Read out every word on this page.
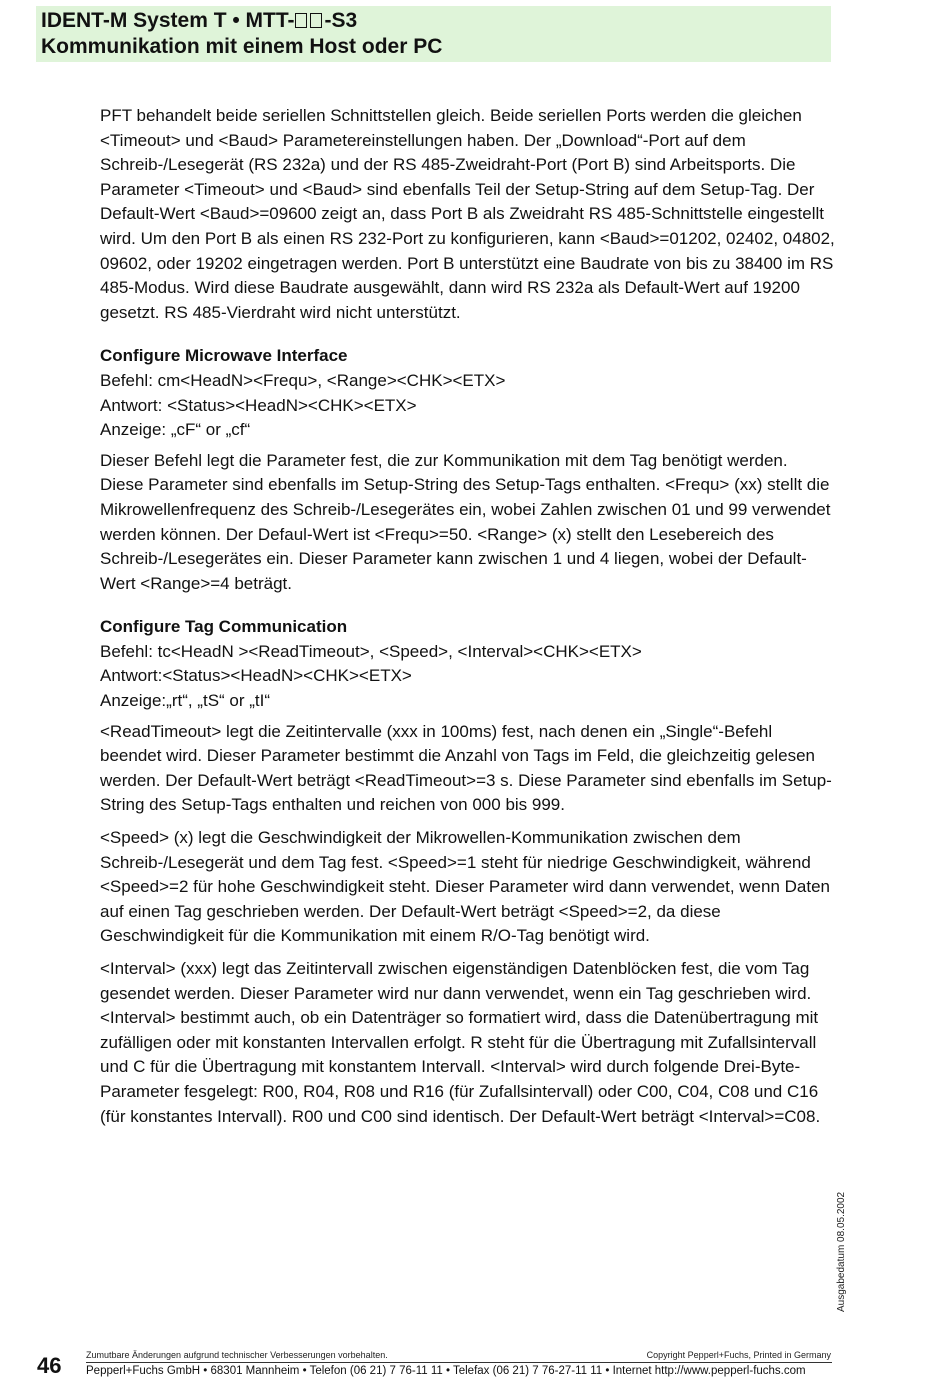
IDENT-M System T • MTT- -S3
Kommunikation mit einem Host oder PC

PFT behandelt beide seriellen Schnittstellen gleich. Beide seriellen Ports werden die gleichen <Timeout> und <Baud> Parametereinstellungen haben. Der „Download“-Port auf dem Schreib-/Lesegerät (RS 232a) und der RS 485-Zweidraht-Port (Port B) sind Arbeitsports. Die Parameter <Timeout> und <Baud> sind ebenfalls Teil der Setup-String auf dem Setup-Tag. Der Default-Wert <Baud>=09600 zeigt an, dass Port B als Zweidraht RS 485-Schnittstelle eingestellt wird. Um den Port B als einen RS 232-Port zu konfigurieren, kann <Baud>=01202, 02402, 04802, 09602, oder 19202 eingetragen werden. Port B unterstützt eine Baudrate von bis zu 38400 im RS 485-Modus. Wird diese Baudrate ausgewählt, dann wird RS 232a als Default-Wert auf 19200 gesetzt. RS 485-Vierdraht wird nicht unterstützt.

Configure Microwave Interface
Befehl: cm<HeadN><Frequ>, <Range><CHK><ETX>
Antwort: <Status><HeadN><CHK><ETX>
Anzeige: „cF“ or „cf“

Dieser Befehl legt die Parameter fest, die zur Kommunikation mit dem Tag benötigt werden. Diese Parameter sind ebenfalls im Setup-String des Setup-Tags enthalten. <Frequ> (xx) stellt die Mikrowellenfrequenz des Schreib-/Lesegerätes ein, wobei Zahlen zwischen 01 und 99 verwendet werden können. Der Defaul-Wert ist <Frequ>=50. <Range> (x) stellt den Lesebereich des Schreib-/Lesegerätes ein. Dieser Parameter kann zwischen 1 und 4 liegen, wobei der Default-Wert <Range>=4 beträgt.

Configure Tag Communication
Befehl: tc<HeadN ><ReadTimeout>, <Speed>, <Interval><CHK><ETX>
Antwort:<Status><HeadN><CHK><ETX>
Anzeige:„rt“, „tS“ or „tI“

<ReadTimeout> legt die Zeitintervalle (xxx in 100ms) fest, nach denen ein „Single“-Befehl beendet wird. Dieser Parameter bestimmt die Anzahl von Tags im Feld, die gleichzeitig gelesen werden. Der Default-Wert beträgt <ReadTimeout>=3 s. Diese Parameter sind ebenfalls im Setup-String des Setup-Tags enthalten und reichen von 000 bis 999.

<Speed> (x) legt die Geschwindigkeit der Mikrowellen-Kommunikation zwischen dem Schreib-/Lesegerät und dem Tag fest. <Speed>=1 steht für niedrige Geschwindigkeit, während <Speed>=2 für hohe Geschwindigkeit steht. Dieser Parameter wird dann verwendet, wenn Daten auf einen Tag geschrieben werden. Der Default-Wert beträgt <Speed>=2, da diese Geschwindigkeit für die Kommunikation mit einem R/O-Tag benötigt wird.

<Interval> (xxx) legt das Zeitintervall zwischen eigenständigen Datenblöcken fest, die vom Tag gesendet werden. Dieser Parameter wird nur dann verwendet, wenn ein Tag geschrieben wird. <Interval> bestimmt auch, ob ein Datenträger so formatiert wird, dass die Datenübertragung mit zufälligen oder mit konstanten Intervallen erfolgt. R steht für die Übertragung mit Zufallsintervall und C für die Übertragung mit konstantem Intervall. <Interval> wird durch folgende Drei-Byte-Parameter fesgelegt: R00, R04, R08 und R16 (für Zufallsintervall) oder C00, C04, C08 und C16 (für konstantes Intervall). R00 und C00 sind identisch. Der Default-Wert beträgt <Interval>=C08.

Ausgabedatum 08.05.2002
46	Zumutbare Änderungen aufgrund technischer Verbesserungen vorbehalten.	Copyright Pepperl+Fuchs, Printed in Germany
Pepperl+Fuchs GmbH • 68301 Mannheim • Telefon (06 21) 7 76-11 11 • Telefax (06 21) 7 76-27-11 11 • Internet http://www.pepperl-fuchs.com
